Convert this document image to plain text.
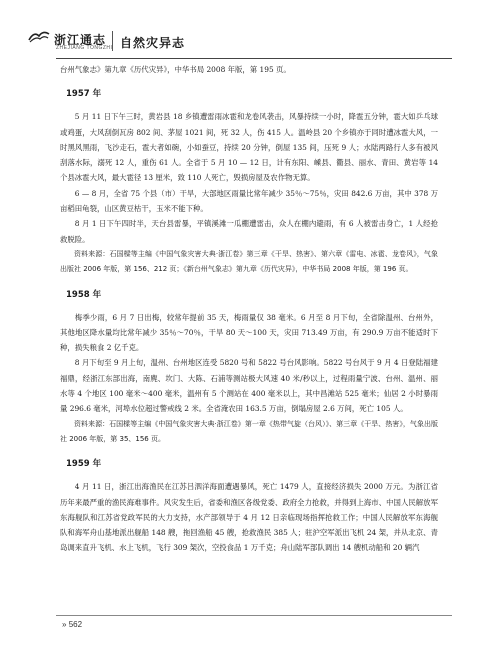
浙江通志
ZHEJIANG TONGZHI 自然灾异志

台州气象志》第九章《历代灾异》，中华书局 2008 年版，第 195 页。

1957 年

5 月 11 日下午三时，黄岩县 18 乡镇遭雷雨冰雹和龙卷风袭击，风暴持续一小时，降雹五分钟，雹大如乒乓球或鸡蛋，大风刮倒瓦房 802 间、茅屋 1021 间，死 32 人，伤 415 人。温岭县 20 个乡镇亦于同时遭冰雹大风，一时黑风黑雨，飞沙走石，雹大者如碗，小如蚕豆，持续 20 分钟，倒屋 135 间，压死 9 人；水陆两路行人多有被风刮落水际，溺死 12 人，重伤 61 人。全省于 5 月 10 — 12 日，计有东阳、嵊县、衢县、丽水、青田、黄岩等 14 个县冰雹大风，最大雹径 13 厘米，致 110 人死亡，毁损房屋及农作物无算。

6 — 8 月，全省 75 个县（市）干旱，大部地区雨量比常年减少 35％～75％，灾田 842.6 万亩，其中 378 万亩稻田龟裂，山区黄豆枯干，玉米不能下种。

8 月 1 日下午四时半，天台县雷暴，平镇溪滩一瓜棚遭雷击，众人在棚内避雨，有 6 人被雷击身亡，1 人经抢救脱险。

资料来源：石国樑等主编《中国气象灾害大典·浙江卷》第三章《干旱、热害》、第六章《雷电、冰雹、龙卷风》，气象出版社 2006 年版，第 156、212 页；《新台州气象志》第九章《历代灾异》，中华书局 2008 年版，第 196 页。

1958 年

梅季少雨，6 月 7 日出梅，较常年提前 35 天，梅雨量仅 38 毫米。6 月至 8 月下旬，全省除温州、台州外，其他地区降水量均比常年减少 35％～70％，干旱 80 天～100 天，灾田 713.49 万亩，有 290.9 万亩不能适时下种，损失粮食 2 亿千克。

8 月下旬至 9 月上旬，温州、台州地区连受 5820 号和 5822 号台风影响。5822 号台风于 9 月 4 日登陆福建福鼎，经浙江东部出海，南麂、坎门、大陈、石浦等测站极大风速 40 米/秒以上，过程雨量宁波、台州、温州、丽水等 4 个地区 100 毫米～400 毫米，温州有 5 个测站在 400 毫米以上，其中昌滩站 525 毫米；仙居 2 小时暴雨量 296.6 毫米，河埠水位超过警戒线 2 米。全省淹农田 163.5 万亩，倒塌房屋 2.6 万间，死亡 105 人。

资料来源：石国樑等主编《中国气象灾害大典·浙江卷》第一章《热带气旋（台风）》、第三章《干旱、热害》，气象出版社 2006 年版，第 35、156 页。

1959 年

4 月 11 日，浙江出海渔民在江苏吕泗洋海面遭遇暴风，死亡 1479 人，直接经济损失 2000 万元。为浙江省历年来最严重的渔民海难事件。风灾发生后，省委和渔区各级党委、政府全力抢救，并得到上海市、中国人民解放军东海舰队和江苏省党政军民的大力支持，水产部领导于 4 月 12 日亲临现场指挥抢救工作；中国人民解放军东海舰队和海军舟山基地派出舰船 148 艘，拖回渔船 45 艘，抢救渔民 385 人；驻沪空军派出飞机 24 架，并从北京、青岛调来直升飞机、水上飞机，飞行 309 架次，空投食品 1 万千克；舟山陆军部队调出 14 艘机动船和 20 辆汽

» 562
